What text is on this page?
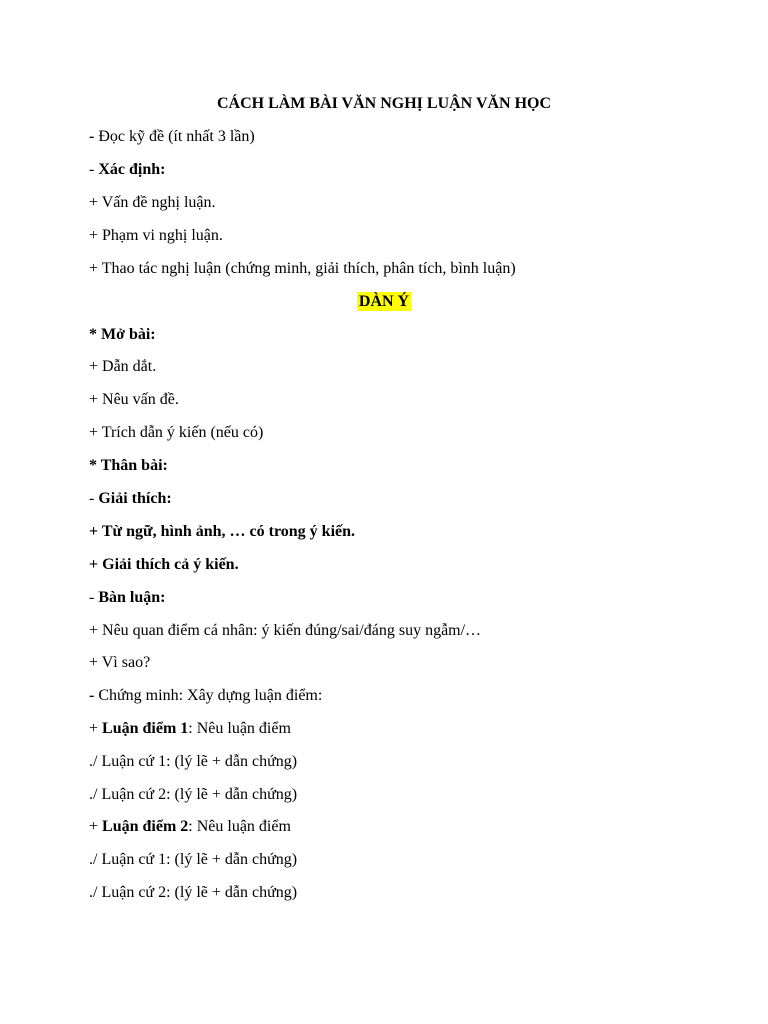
CÁCH LÀM BÀI VĂN NGHỊ LUẬN VĂN HỌC
- Đọc kỹ đề (ít nhất 3 lần)
- Xác định:
+ Vấn đề nghị luận.
+ Phạm vi nghị luận.
+ Thao tác nghị luận (chứng minh, giải thích, phân tích, bình luận)
DÀN Ý
* Mở bài:
+ Dẫn dắt.
+ Nêu vấn đề.
+ Trích dẫn ý kiến (nếu có)
* Thân bài:
- Giải thích:
+ Từ ngữ, hình ảnh, … có trong ý kiến.
+ Giải thích cả ý kiến.
- Bàn luận:
+ Nêu quan điểm cá nhân: ý kiến đúng/sai/đáng suy ngẫm/…
+ Vì sao?
- Chứng minh: Xây dựng luận điểm:
+ Luận điểm 1: Nêu luận điểm
./ Luận cứ 1: (lý lẽ + dẫn chứng)
./ Luận cứ 2: (lý lẽ + dẫn chứng)
+ Luận điểm 2: Nêu luận điểm
./ Luận cứ 1: (lý lẽ + dẫn chứng)
./ Luận cứ 2: (lý lẽ + dẫn chứng)
